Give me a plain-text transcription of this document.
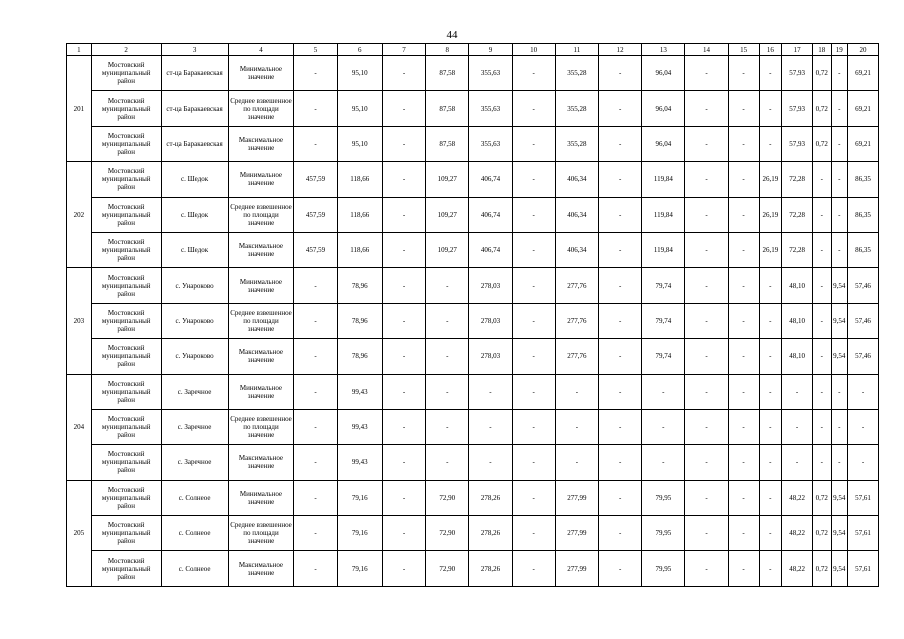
44
1	2	3	4	5	6	7	8	9	10	11	12	13	14	15	16	17	18	19	20
201	Мостовский муниципальный район	ст-ца Баракаевская	Минимальное значение	-	95,10	-	87,58	355,63	-	355,28	-	96,04	-	-	-	57,93	0,72	-	69,21
	Мостовский муниципальный район	ст-ца Баракаевская	Среднее взвешенное по площади значение	-	95,10	-	87,58	355,63	-	355,28	-	96,04	-	-	-	57,93	0,72	-	69,21
	Мостовский муниципальный район	ст-ца Баракаевская	Максимальное значение	-	95,10	-	87,58	355,63	-	355,28	-	96,04	-	-	-	57,93	0,72	-	69,21
202	Мостовский муниципальный район	с. Шедок	Минимальное значение	457,59	118,66	-	109,27	406,74	-	406,34	-	119,84	-	-	26,19	72,28	-	-	86,35
	Мостовский муниципальный район	с. Шедок	Среднее взвешенное по площади значение	457,59	118,66	-	109,27	406,74	-	406,34	-	119,84	-	-	26,19	72,28	-	-	86,35
	Мостовский муниципальный район	с. Шедок	Максимальное значение	457,59	118,66	-	109,27	406,74	-	406,34	-	119,84	-	-	26,19	72,28	-	-	86,35
203	Мостовский муниципальный район	с. Унароково	Минимальное значение	-	78,96	-	-	278,03	-	277,76	-	79,74	-	-	-	48,10	-	9,54	57,46
	Мостовский муниципальный район	с. Унароково	Среднее взвешенное по площади значение	-	78,96	-	-	278,03	-	277,76	-	79,74	-	-	-	48,10	-	9,54	57,46
	Мостовский муниципальный район	с. Унароково	Максимальное значение	-	78,96	-	-	278,03	-	277,76	-	79,74	-	-	-	48,10	-	9,54	57,46
204	Мостовский муниципальный район	с. Заречное	Минимальное значение	-	99,43	-	-	-	-	-	-	-	-	-	-	-	-	-	-
	Мостовский муниципальный район	с. Заречное	Среднее взвешенное по площади значение	-	99,43	-	-	-	-	-	-	-	-	-	-	-	-	-	-
	Мостовский муниципальный район	с. Заречное	Максимальное значение	-	99,43	-	-	-	-	-	-	-	-	-	-	-	-	-	-
205	Мостовский муниципальный район	с. Солнеое	Минимальное значение	-	79,16	-	72,90	278,26	-	277,99	-	79,95	-	-	-	48,22	0,72	9,54	57,61
	Мостовский муниципальный район	с. Солнеое	Среднее взвешенное по площади значение	-	79,16	-	72,90	278,26	-	277,99	-	79,95	-	-	-	48,22	0,72	9,54	57,61
	Мостовский муниципальный район	с. Солнеое	Максимальное значение	-	79,16	-	72,90	278,26	-	277,99	-	79,95	-	-	-	48,22	0,72	9,54	57,61
